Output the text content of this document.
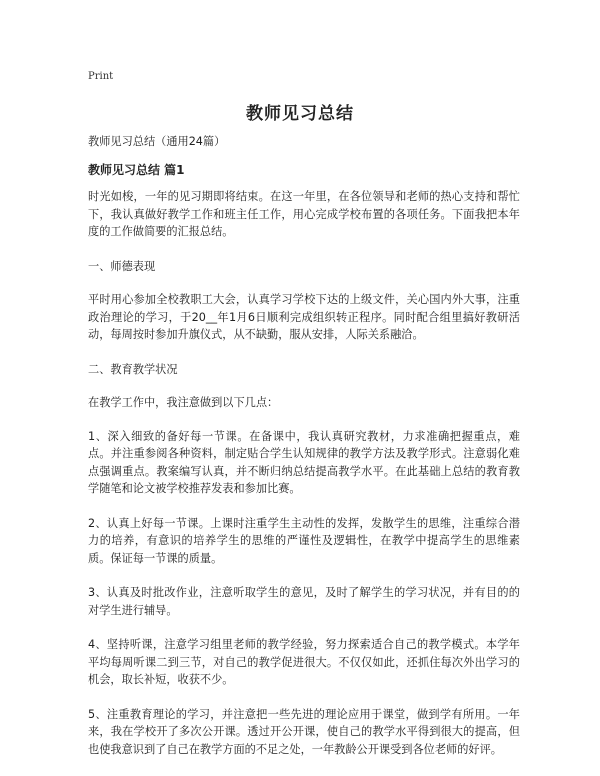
Print
教师见习总结

教师见习总结（通用24篇）

教师见习总结 篇1

时光如梭，一年的见习期即将结束。在这一年里，在各位领导和老师的热心支持和帮忙下，我认真做好教学工作和班主任工作，用心完成学校布置的各项任务。下面我把本年度的工作做简要的汇报总结。

一、师德表现

平时用心参加全校教职工大会，认真学习学校下达的上级文件，关心国内外大事，注重政治理论的学习，于20__年1月6日顺利完成组织转正程序。同时配合组里搞好教研活动，每周按时参加升旗仪式，从不缺勤，服从安排，人际关系融洽。

二、教育教学状况

在教学工作中，我注意做到以下几点：

1、深入细致的备好每一节课。在备课中，我认真研究教材，力求准确把握重点，难点。并注重参阅各种资料，制定贴合学生认知规律的教学方法及教学形式。注意弱化难点强调重点。教案编写认真，并不断归纳总结提高教学水平。在此基础上总结的教育教学随笔和论文被学校推荐发表和参加比赛。

2、认真上好每一节课。上课时注重学生主动性的发挥，发散学生的思维，注重综合潜力的培养，有意识的培养学生的思维的严谨性及逻辑性，在教学中提高学生的思维素质。保证每一节课的质量。

3、认真及时批改作业，注意听取学生的意见，及时了解学生的学习状况，并有目的的对学生进行辅导。

4、坚持听课，注意学习组里老师的教学经验，努力探索适合自己的教学模式。本学年平均每周听课二到三节，对自己的教学促进很大。不仅仅如此，还抓住每次外出学习的机会，取长补短，收获不少。

5、注重教育理论的学习，并注意把一些先进的理论应用于课堂，做到学有所用。一年来，我在学校开了多次公开课。透过开公开课，使自己的教学水平得到很大的提高，但也使我意识到了自己在教学方面的不足之处，一年教龄公开课受到各位老师的好评。
